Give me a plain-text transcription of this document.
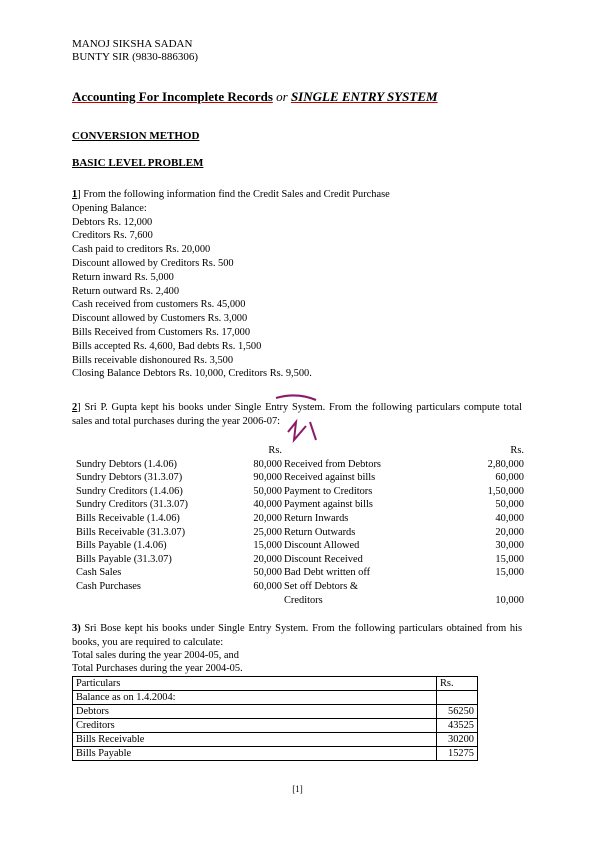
MANOJ SIKSHA SADAN
BUNTY SIR (9830-886306)
Accounting For Incomplete Records or SINGLE ENTRY SYSTEM
CONVERSION METHOD
BASIC LEVEL PROBLEM
1] From the following information find the Credit Sales and Credit Purchase
Opening Balance:
Debtors Rs. 12,000
Creditors Rs. 7,600
Cash paid to creditors Rs. 20,000
Discount allowed by Creditors Rs. 500
Return inward Rs. 5,000
Return outward Rs. 2,400
Cash received from customers Rs. 45,000
Discount allowed by Customers Rs. 3,000
Bills Received from Customers Rs. 17,000
Bills accepted Rs. 4,600, Bad debts Rs. 1,500
Bills receivable dishonoured Rs. 3,500
Closing Balance Debtors Rs. 10,000, Creditors Rs. 9,500.
2] Sri P. Gupta kept his books under Single Entry System. From the following particulars compute total sales and total purchases during the year 2006-07:
	Rs.		Rs.
Sundry Debtors (1.4.06)	80,000	Received from Debtors	2,80,000
Sundry Debtors (31.3.07)	90,000	Received against bills	60,000
Sundry Creditors (1.4.06)	50,000	Payment to Creditors	1,50,000
Sundry Creditors (31.3.07)	40,000	Payment against bills	50,000
Bills Receivable (1.4.06)	20,000	Return Inwards	40,000
Bills Receivable (31.3.07)	25,000	Return Outwards	20,000
Bills Payable (1.4.06)	15,000	Discount Allowed	30,000
Bills Payable (31.3.07)	20,000	Discount Received	15,000
Cash Sales	50,000	Bad Debt written off	15,000
Cash Purchases	60,000	Set off Debtors &	
		Creditors	10,000
3) Sri Bose kept his books under Single Entry System. From the following particulars obtained from his books, you are required to calculate:
Total sales during the year 2004-05, and
Total Purchases during the year 2004-05.
Particulars	Rs.
Balance as on 1.4.2004:	
Debtors	56250
Creditors	43525
Bills Receivable	30200
Bills Payable	15275
[1]
